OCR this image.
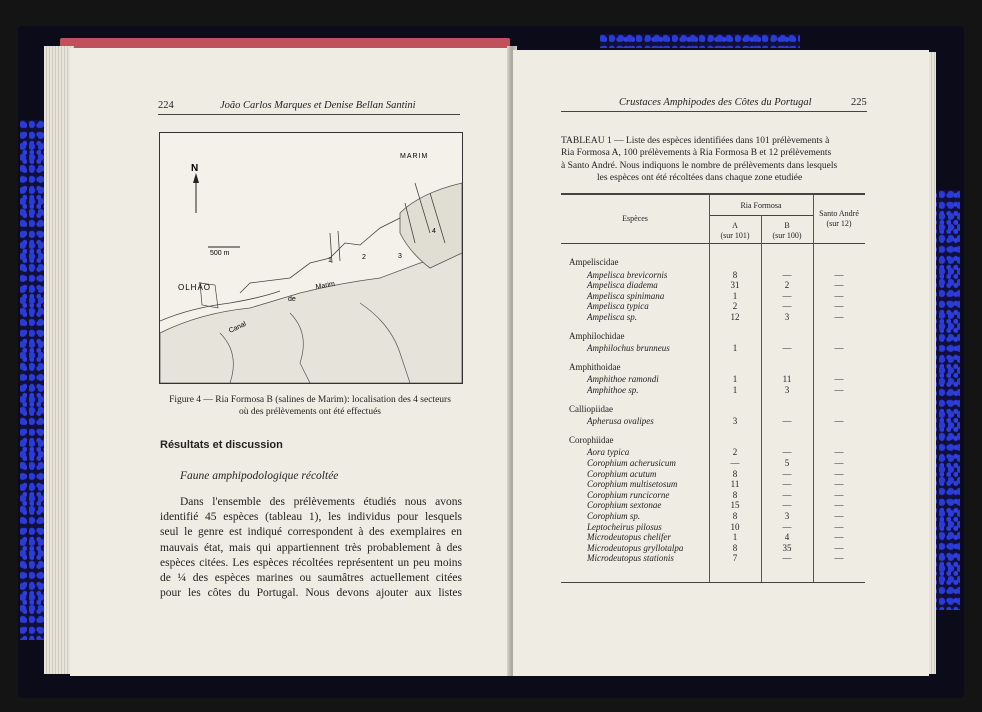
224	João Carlos Marques et Denise Bellan Santini
MARIM
N
500 m
OLHÃO
Canal
de
Marim
1	2	3
4
Figure 4 — Ria Formosa B (salines de Marim): localisation des 4 secteurs
où des prélèvements ont été effectués
Résultats et discussion
Faune amphipodologique récoltée
Dans l'ensemble des prélèvements étudiés nous avons
identifié 45 espèces (tableau 1), les individus pour lesquels
seul le genre est indiqué correspondent à des exemplaires en
mauvais état, mais qui appartiennent très probablement à des
espèces citées. Les espèces récoltées représentent un peu moins
de ¼ des espèces marines ou saumâtres actuellement citées
pour les côtes du Portugal. Nous devons ajouter aux listes
Crustaces Amphipodes des Côtes du Portugal	225
TABLEAU 1 — Liste des espèces identifiées dans 101 prélèvements à
Ria Formosa A, 100 prélèvements à Ria Formosa B et 12 prélèvements
à Santo André. Nous indiquons le nombre de prélèvements dans lesquels
les espèces ont été récoltées dans chaque zone etudiée
Espèces
Ria Formosa
A
(sur 101)
B
(sur 100)
Santo André
(sur 12)
Ampeliscidae
Ampelisca brevicornis	8	—	—
Ampelisca diadema	31	2	—
Ampelisca spinimana	1	—	—
Ampelisca typica	2	—	—
Ampelisca sp.	12	3	—
Amphilochidae
Amphilochus brunneus	1	—	—
Amphithoidae
Amphithoe ramondi	1	11	—
Amphithoe sp.	1	3	—
Calliopiidae
Apherusa ovalipes	3	—	—
Corophiidae
Aora typica	2	—	—
Corophium acherusicum	—	5	—
Corophium acutum	8	—	—
Corophium multisetosum	11	—	—
Corophium runcicorne	8	—	—
Corophium sextonae	15	—	—
Corophium sp.	8	3	—
Leptocheirus pilosus	10	—	—
Microdeutopus chelifer	1	4	—
Microdeutopus gryllotalpa	8	35	—
Microdeutopus stationis	7	—	—
